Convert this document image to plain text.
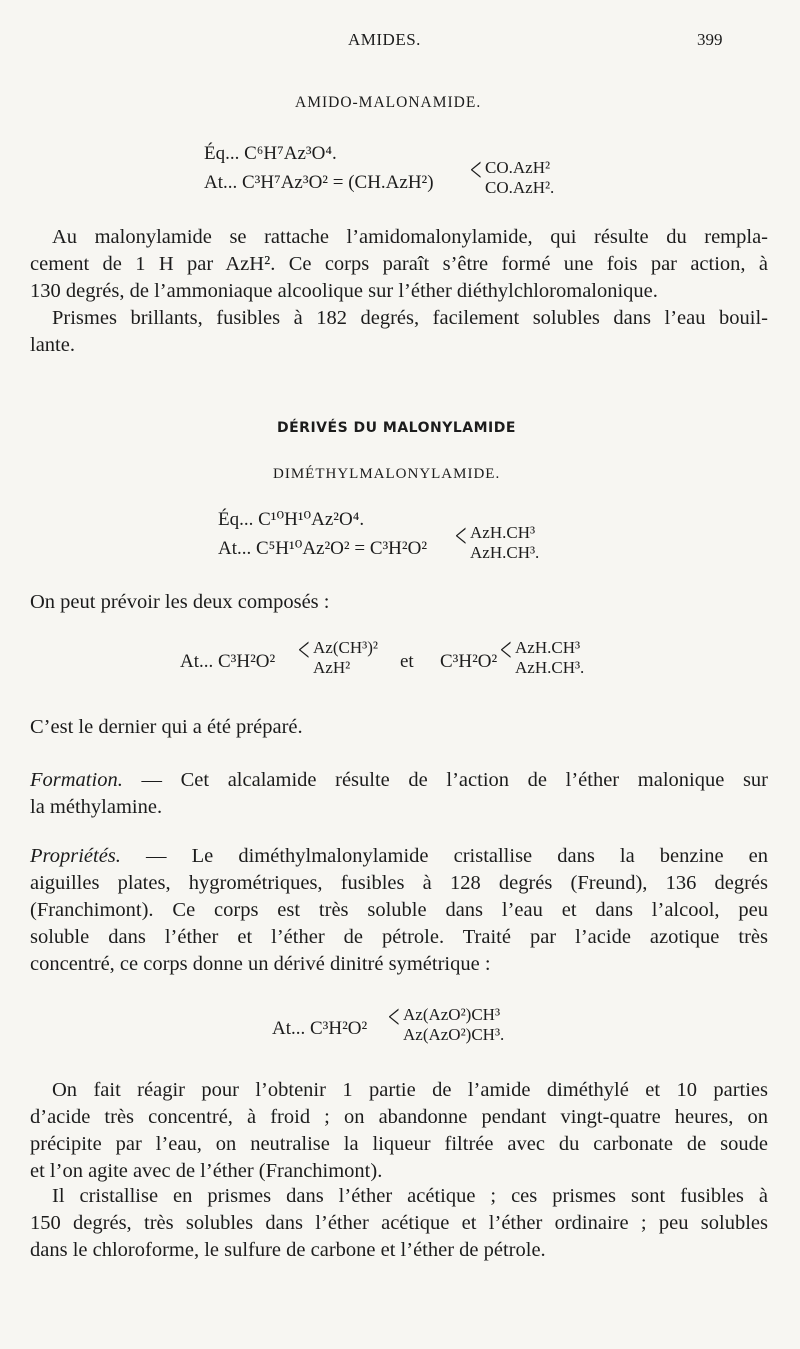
AMIDES.	399
AMIDO-MALONAMIDE.
Éq... C⁶H⁷Az³O⁴.
At... C³H⁷Az³O² = (CH.AzH²) < CO.AzH²
CO.AzH².
Au malonylamide se rattache l’amidomalonylamide, qui résulte du rempla-
cement de 1 H par AzH². Ce corps paraît s’être formé une fois par action, à
130 degrés, de l’ammoniaque alcoolique sur l’éther diéthylchloromalonique.
Prismes brillants, fusibles à 182 degrés, facilement solubles dans l’eau bouil-
lante.
DÉRIVÉS DU MALONYLAMIDE
DIMÉTHYLMALONYLAMIDE.
Éq... C¹⁰H¹⁰Az²O⁴.
At... C⁵H¹⁰Az²O² = C³H²O² < AzH.CH³
AzH.CH³.
On peut prévoir les deux composés :
At... C³H²O² < Az(CH³)²
AzH²	et C³H²O² < AzH.CH³
AzH.CH³.
C’est le dernier qui a été préparé.
Formation. — Cet alcalamide résulte de l’action de l’éther malonique sur
la méthylamine.
Propriétés. — Le diméthylmalonylamide cristallise dans la benzine en
aiguilles plates, hygrométriques, fusibles à 128 degrés (Freund), 136 degrés
(Franchimont). Ce corps est très soluble dans l’eau et dans l’alcool, peu
soluble dans l’éther et l’éther de pétrole. Traité par l’acide azotique très
concentré, ce corps donne un dérivé dinitré symétrique :
At... C³H²O² < Az(AzO²)CH³
Az(AzO²)CH³.
On fait réagir pour l’obtenir 1 partie de l’amide diméthylé et 10 parties
d’acide très concentré, à froid ; on abandonne pendant vingt-quatre heures, on
précipite par l’eau, on neutralise la liqueur filtrée avec du carbonate de soude
et l’on agite avec de l’éther (Franchimont).
Il cristallise en prismes dans l’éther acétique ; ces prismes sont fusibles à
150 degrés, très solubles dans l’éther acétique et l’éther ordinaire ; peu solubles
dans le chloroforme, le sulfure de carbone et l’éther de pétrole.
